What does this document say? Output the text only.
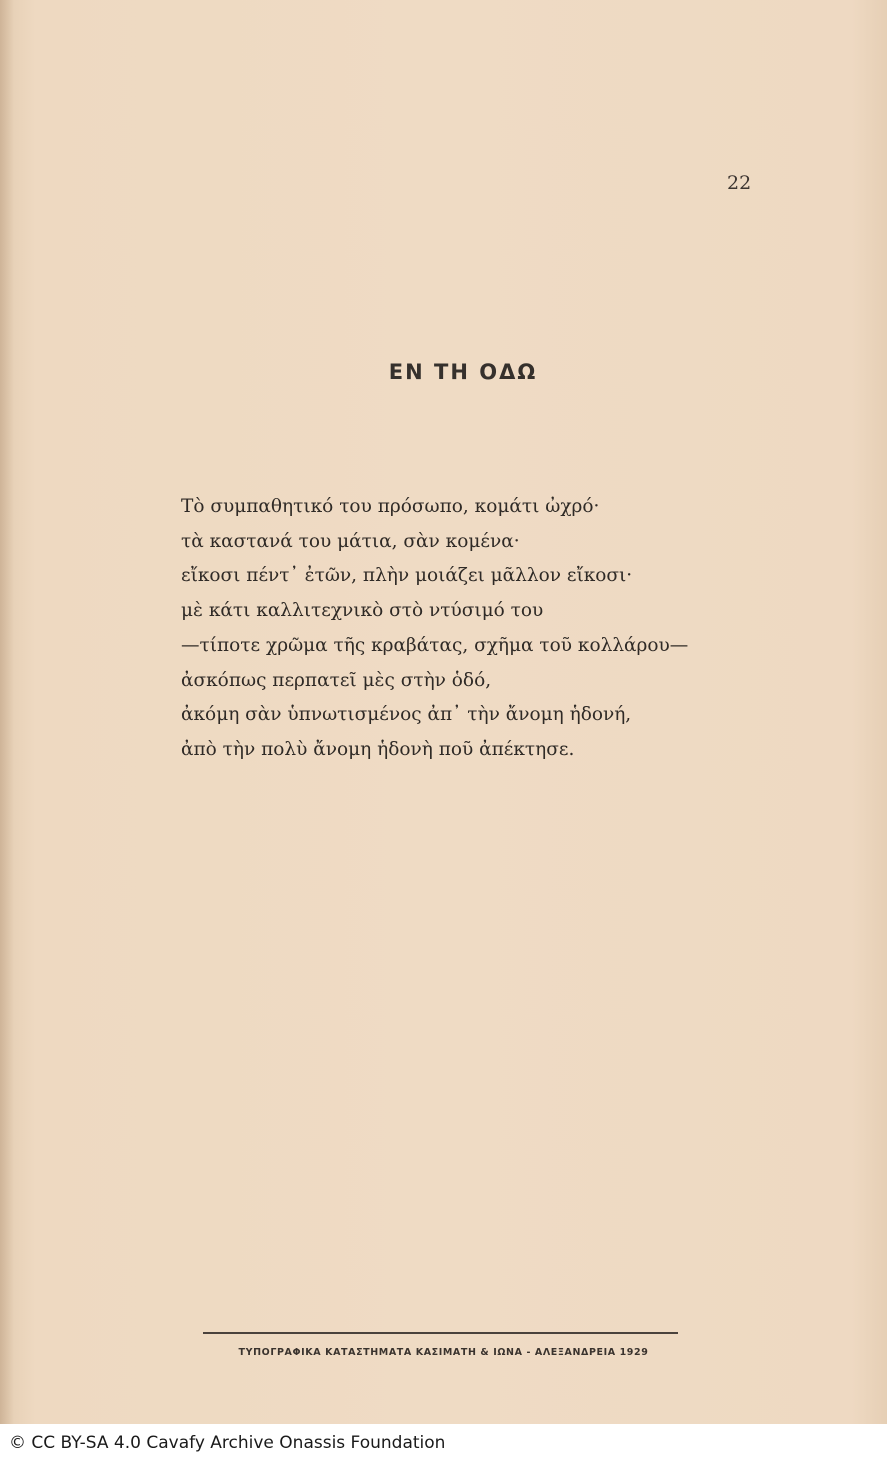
22
ΕΝ ΤΗ ΟΔΩ
Τὸ συμπαθητικό του πρόσωπο, κομάτι ὠχρό·
τὰ καστανά του μάτια, σὰν κομένα·
εἴκοσι πέντ᾽ ἐτῶν, πλὴν μοιάζει μᾶλλον εἴκοσι·
μὲ κάτι καλλιτεχνικὸ στὸ ντύσιμό του
—τίποτε χρῶμα τῆς κραβάτας, σχῆμα τοῦ κολλάρου—
ἀσκόπως περπατεῖ μὲς στὴν ὁδό,
ἀκόμη σὰν ὑπνωτισμένος ἀπ᾽ τὴν ἄνομη ἡδονή,
ἀπὸ τὴν πολὺ ἄνομη ἡδονὴ ποῦ ἀπέκτησε.
ΤΥΠΟΓΡΑΦΙΚΑ ΚΑΤΑΣΤΗΜΑΤΑ ΚΑΣΙΜΑΤΗ & ΙΩΝΑ - ΑΛΕΞΑΝΔΡΕΙΑ 1929
© CC BY-SA 4.0 Cavafy Archive Onassis Foundation
